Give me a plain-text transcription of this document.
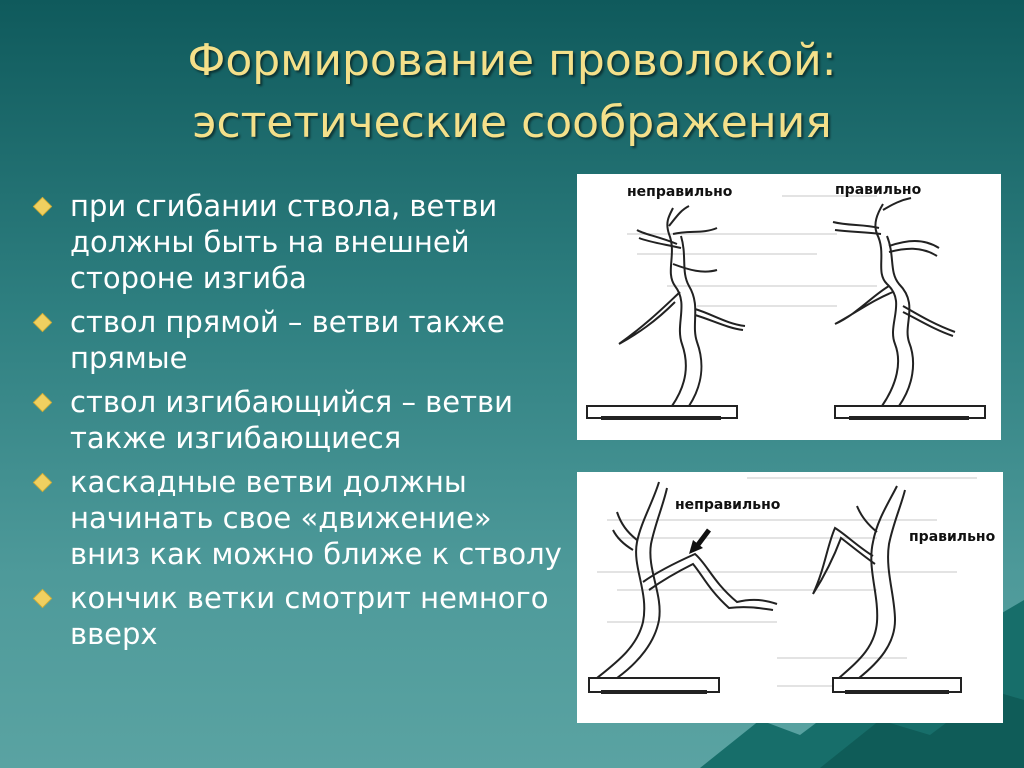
Формирование проволокой:
эстетические соображения
при сгибании ствола, ветви должны быть на внешней стороне изгиба
ствол прямой – ветви также прямые
ствол изгибающийся – ветви также изгибающиеся
каскадные ветви должны начинать свое «движение» вниз как можно ближе к стволу
кончик ветки смотрит немного вверх
неправильно	правильно
неправильно
правильно
